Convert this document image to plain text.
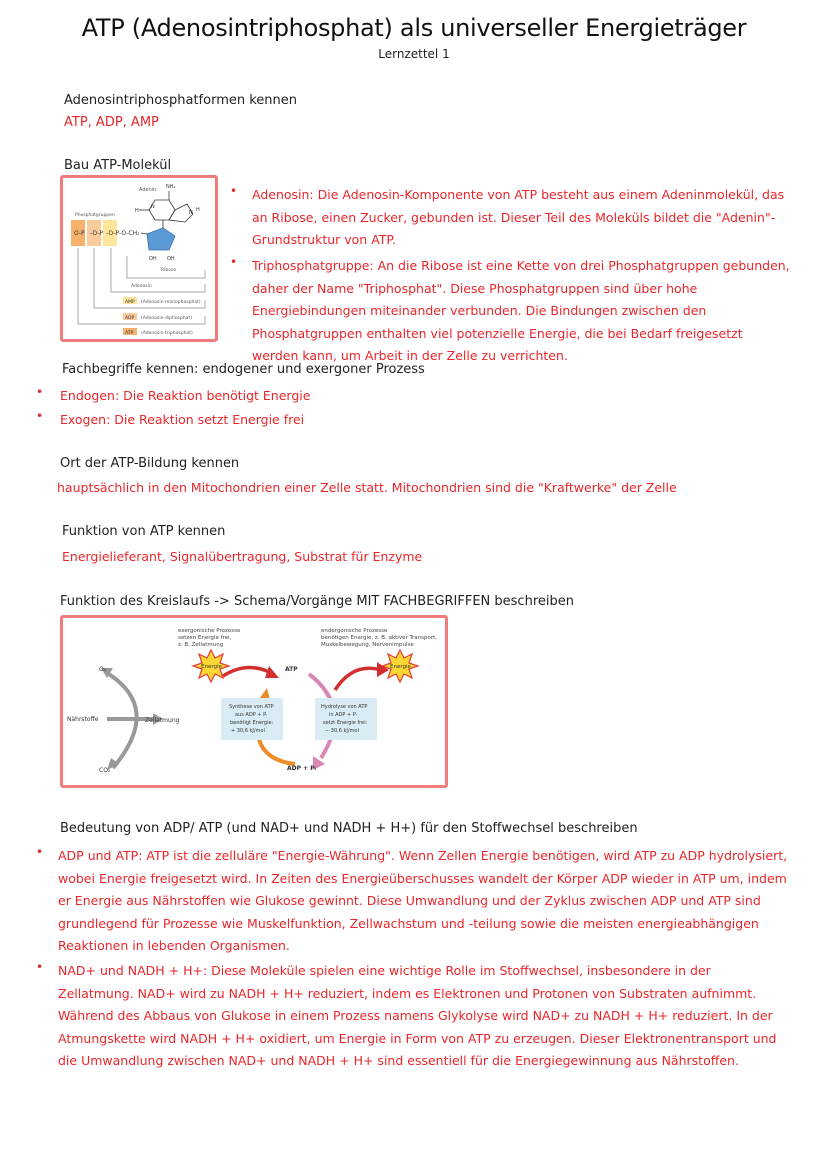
ATP (Adenosintriphosphat) als universeller Energieträger
Lernzettel 1
Adenosintriphosphatformen kennen
ATP, ADP, AMP
Bau ATP-Molekül
Adenin NH₂
N
N H
H
OH OH
Ribose
Phosphatgruppen
O-P -O-P -O-P -O-CH₂
Adenosin
AMP (Adenosin-monophosphat)
ADP (Adenosin-diphosphat)
ATP (Adenosin-triphosphat)
• Adenosin: Die Adenosin-Komponente von ATP besteht aus einem Adeninmolekül, das an Ribose, einen Zucker, gebunden ist. Dieser Teil des Moleküls bildet die "Adenin"-Grundstruktur von ATP.
• Triphosphatgruppe: An die Ribose ist eine Kette von drei Phosphatgruppen gebunden, daher der Name "Triphosphat". Diese Phosphatgruppen sind über hohe Energiebindungen miteinander verbunden. Die Bindungen zwischen den Phosphatgruppen enthalten viel potenzielle Energie, die bei Bedarf freigesetzt werden kann, um Arbeit in der Zelle zu verrichten.
Fachbegriffe kennen: endogener und exergoner Prozess
• Endogen: Die Reaktion benötigt Energie
• Exogen: Die Reaktion setzt Energie frei
Ort der ATP-Bildung kennen
hauptsächlich in den Mitochondrien einer Zelle statt. Mitochondrien sind die "Kraftwerke" der Zelle
Funktion von ATP kennen
Energielieferant, Signalübertragung, Substrat für Enzyme
Funktion des Kreislaufs -> Schema/Vorgänge MIT FACHBEGRIFFEN beschreiben
exergonische Prozesse
setzen Energie frei,
z. B. Zellatmung
endergonische Prozesse
benötigen Energie, z. B. aktiver Transport,
Muskelbewegung, Nervenimpulse
O₂
CO₂
Nährstoffe	Zellatmung
Energie	Energie
ATP
ADP + Pᵢ
Synthese von ATP
aus ADP + Pᵢ
benötigt Energie:
+ 30,6 kJ/mol
Hydrolyse von ATP
in ADP + Pᵢ
setzt Energie frei:
− 30,6 kJ/mol
Bedeutung von ADP/ ATP (und NAD+ und NADH + H+) für den Stoffwechsel beschreiben
• ADP und ATP: ATP ist die zelluläre "Energie-Währung". Wenn Zellen Energie benötigen, wird ATP zu ADP hydrolysiert, wobei Energie freigesetzt wird. In Zeiten des Energieüberschusses wandelt der Körper ADP wieder in ATP um, indem er Energie aus Nährstoffen wie Glukose gewinnt. Diese Umwandlung und der Zyklus zwischen ADP und ATP sind grundlegend für Prozesse wie Muskelfunktion, Zellwachstum und -teilung sowie die meisten energieabhängigen Reaktionen in lebenden Organismen.
• NAD+ und NADH + H+: Diese Moleküle spielen eine wichtige Rolle im Stoffwechsel, insbesondere in der Zellatmung. NAD+ wird zu NADH + H+ reduziert, indem es Elektronen und Protonen von Substraten aufnimmt. Während des Abbaus von Glukose in einem Prozess namens Glykolyse wird NAD+ zu NADH + H+ reduziert. In der Atmungskette wird NADH + H+ oxidiert, um Energie in Form von ATP zu erzeugen. Dieser Elektronentransport und die Umwandlung zwischen NAD+ und NADH + H+ sind essentiell für die Energiegewinnung aus Nährstoffen.
